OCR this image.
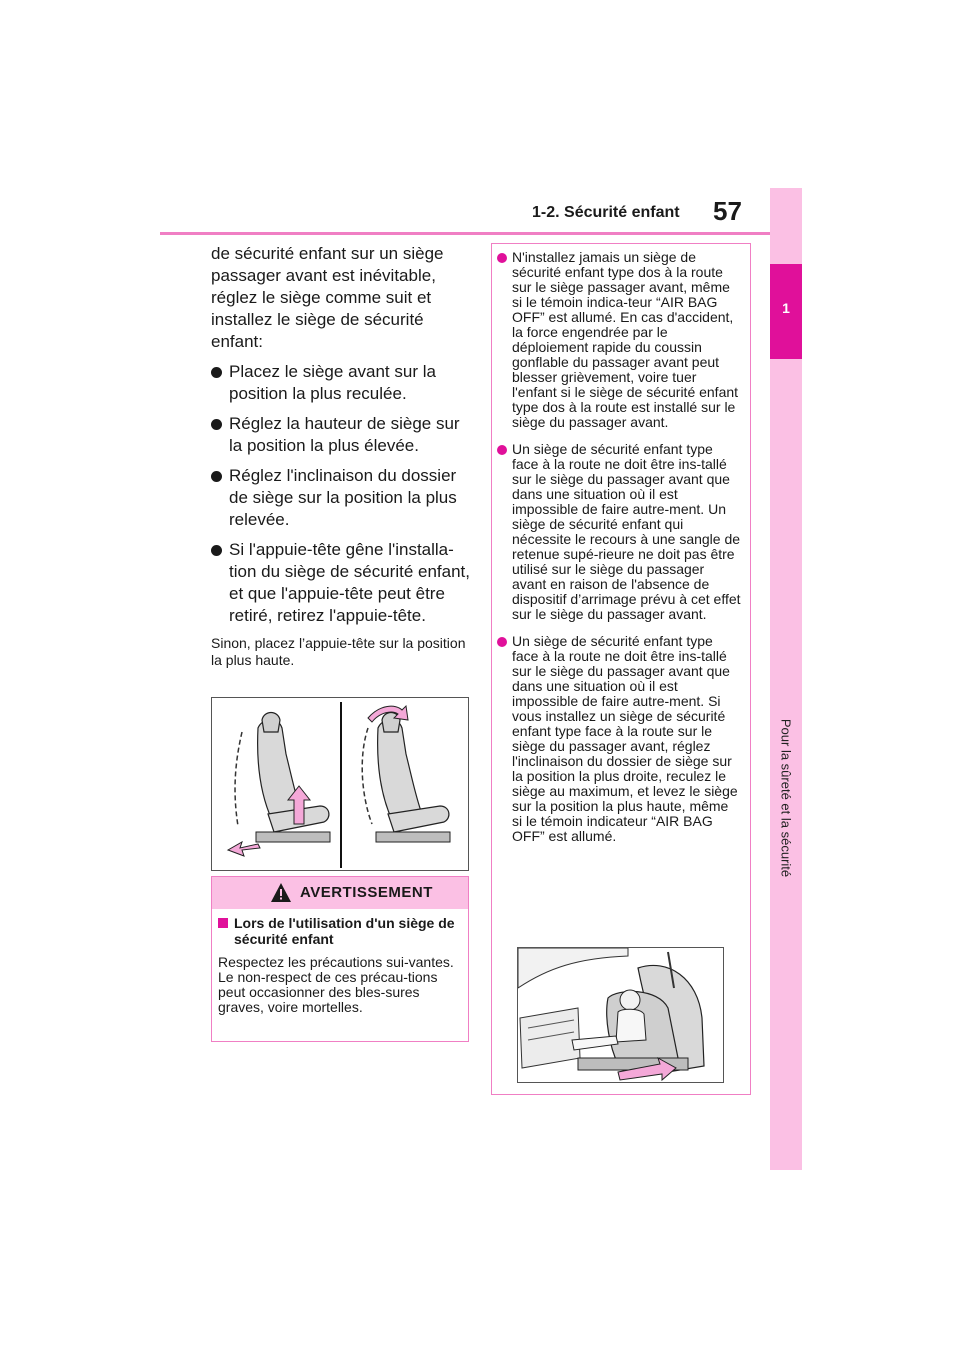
1-2. Sécurité enfant 57
1
Pour la sûreté et la sécurité

de sécurité enfant sur un siège passager avant est inévitable, réglez le siège comme suit et installez le siège de sécurité enfant:

Placez le siège avant sur la position la plus reculée.
Réglez la hauteur de siège sur la position la plus élevée.
Réglez l'inclinaison du dossier de siège sur la position la plus relevée.
Si l'appuie-tête gêne l'installa-tion du siège de sécurité enfant, et que l'appuie-tête peut être retiré, retirez l'appuie-tête.

Sinon, placez l’appuie-tête sur la position la plus haute.

AVERTISSEMENT
Lors de l'utilisation d'un siège de sécurité enfant

Respectez les précautions sui-vantes. Le non-respect de ces précau-tions peut occasionner des bles-sures graves, voire mortelles.

N'installez jamais un siège de sécurité enfant type dos à la route sur le siège passager avant, même si le témoin indica-teur “AIR BAG OFF” est allumé. En cas d'accident, la force engendrée par le déploiement rapide du coussin gonflable du passager avant peut blesser grièvement, voire tuer l'enfant si le siège de sécurité enfant type dos à la route est installé sur le siège du passager avant.
Un siège de sécurité enfant type face à la route ne doit être ins-tallé sur le siège du passager avant que dans une situation où il est impossible de faire autre-ment. Un siège de sécurité enfant qui nécessite le recours à une sangle de retenue supé-rieure ne doit pas être utilisé sur le siège du passager avant en raison de l'absence de dispositif d’arrimage prévu à cet effet sur le siège du passager avant.
Un siège de sécurité enfant type face à la route ne doit être ins-tallé sur le siège du passager avant que dans une situation où il est impossible de faire autre-ment. Si vous installez un siège de sécurité enfant type face à la route sur le siège du passager avant, réglez l'inclinaison du dossier de siège sur la position la plus droite, reculez le siège au maximum, et levez le siège sur la position la plus haute, même si le témoin indicateur “AIR BAG OFF” est allumé.
